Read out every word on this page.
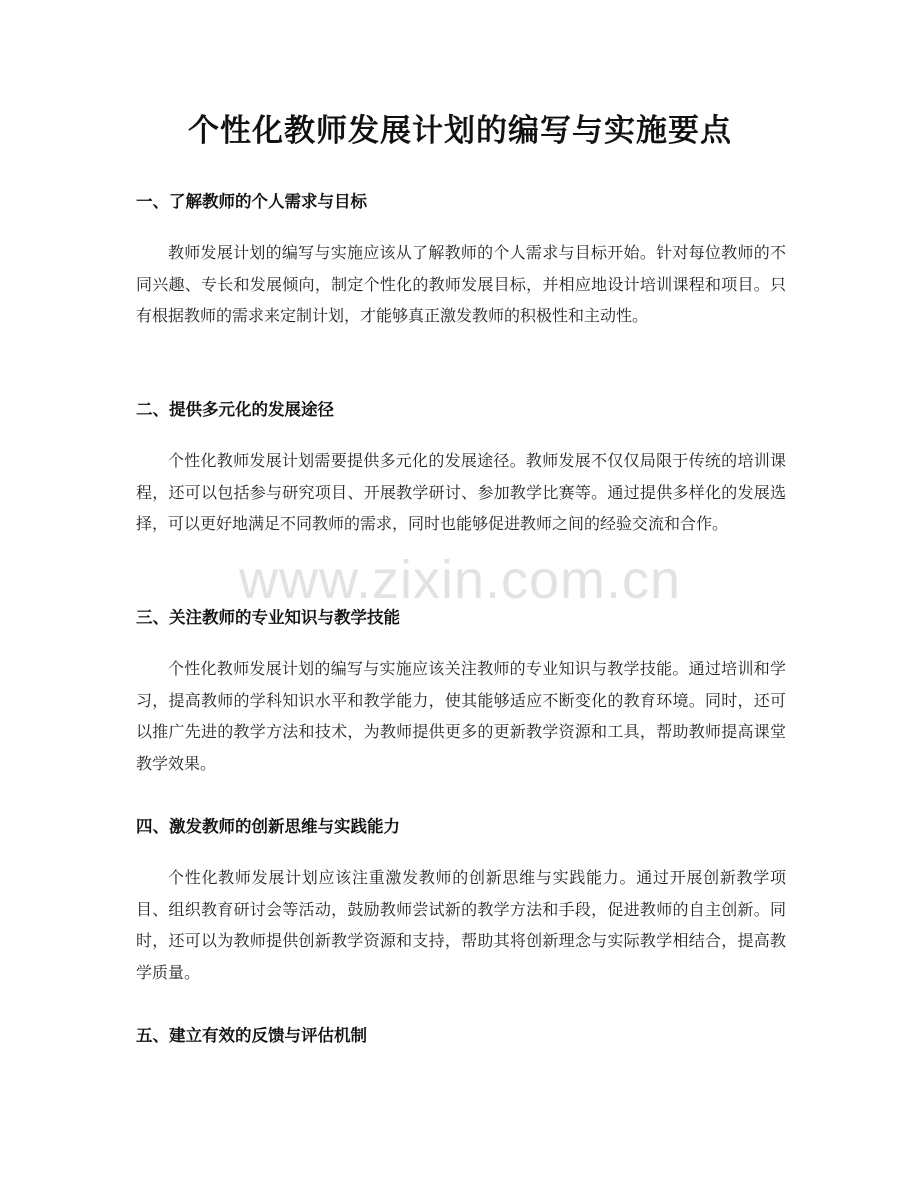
个性化教师发展计划的编写与实施要点
一、了解教师的个人需求与目标

教师发展计划的编写与实施应该从了解教师的个人需求与目标开始。针对每位教师的不同兴趣、专长和发展倾向，制定个性化的教师发展目标，并相应地设计培训课程和项目。只有根据教师的需求来定制计划，才能够真正激发教师的积极性和主动性。

二、提供多元化的发展途径

个性化教师发展计划需要提供多元化的发展途径。教师发展不仅仅局限于传统的培训课程，还可以包括参与研究项目、开展教学研讨、参加教学比赛等。通过提供多样化的发展选择，可以更好地满足不同教师的需求，同时也能够促进教师之间的经验交流和合作。

三、关注教师的专业知识与教学技能

个性化教师发展计划的编写与实施应该关注教师的专业知识与教学技能。通过培训和学习，提高教师的学科知识水平和教学能力，使其能够适应不断变化的教育环境。同时，还可以推广先进的教学方法和技术，为教师提供更多的更新教学资源和工具，帮助教师提高课堂教学效果。

四、激发教师的创新思维与实践能力

个性化教师发展计划应该注重激发教师的创新思维与实践能力。通过开展创新教学项目、组织教育研讨会等活动，鼓励教师尝试新的教学方法和手段，促进教师的自主创新。同时，还可以为教师提供创新教学资源和支持，帮助其将创新理念与实际教学相结合，提高教学质量。

五、建立有效的反馈与评估机制
www.zixin.com.cn
